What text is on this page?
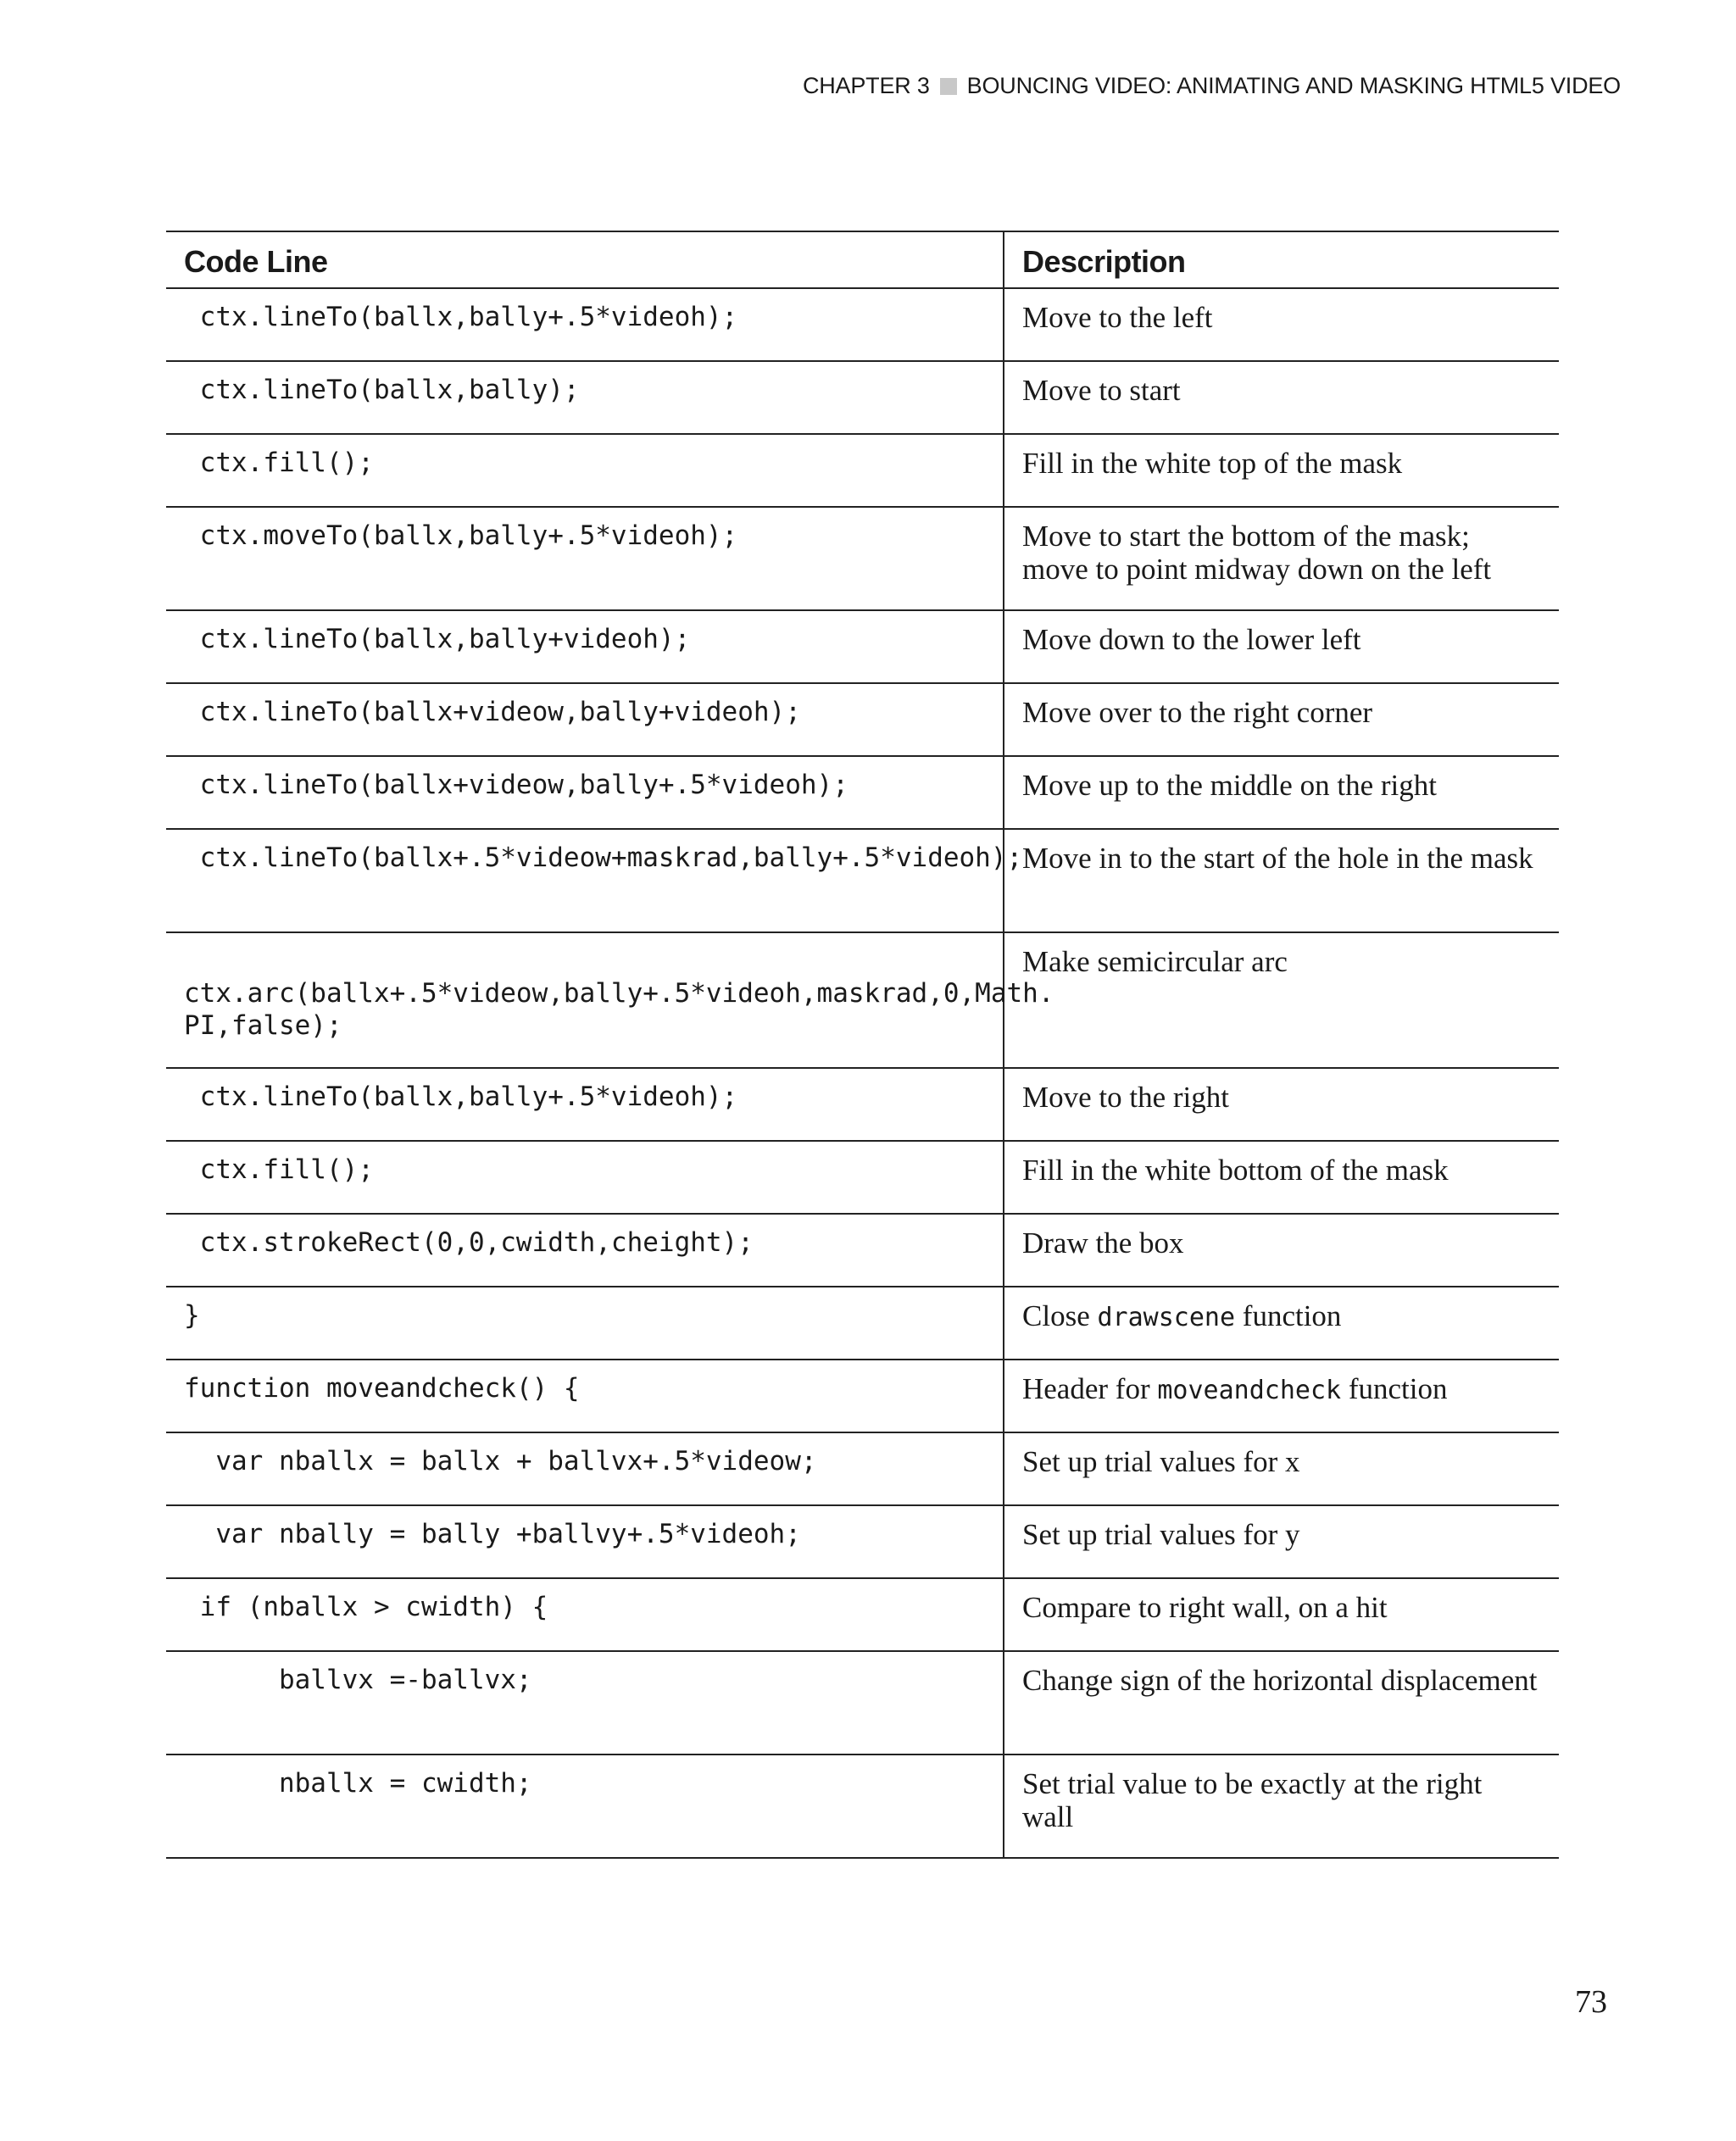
CHAPTER 3 BOUNCING VIDEO: ANIMATING AND MASKING HTML5 VIDEO
Code Line	Description

ctx.lineTo(ballx,bally+.5*videoh);	Move to the left

ctx.lineTo(ballx,bally);	Move to start

ctx.fill();	Fill in the white top of the mask

ctx.moveTo(ballx,bally+.5*videoh);	Move to start the bottom of the mask; move to point midway down on the left

ctx.lineTo(ballx,bally+videoh);	Move down to the lower left

ctx.lineTo(ballx+videow,bally+videoh);	Move over to the right corner

ctx.lineTo(ballx+videow,bally+.5*videoh);	Move up to the middle on the right

ctx.lineTo(ballx+.5*videow+maskrad,bally+.5*videoh);	Move in to the start of the hole in the mask

ctx.arc(ballx+.5*videow,bally+.5*videoh,maskrad,0,Math.
PI,false);	Make semicircular arc

ctx.lineTo(ballx,bally+.5*videoh);	Move to the right

ctx.fill();	Fill in the white bottom of the mask

ctx.strokeRect(0,0,cwidth,cheight);	Draw the box

}	Close drawscene function

function moveandcheck() {	Header for moveandcheck function

var nballx = ballx + ballvx+.5*videow;	Set up trial values for x

var nbally = bally +ballvy+.5*videoh;	Set up trial values for y

if (nballx > cwidth) {	Compare to right wall, on a hit

ballvx =-ballvx;	Change sign of the horizontal displacement

nballx = cwidth;	Set trial value to be exactly at the right wall
73
